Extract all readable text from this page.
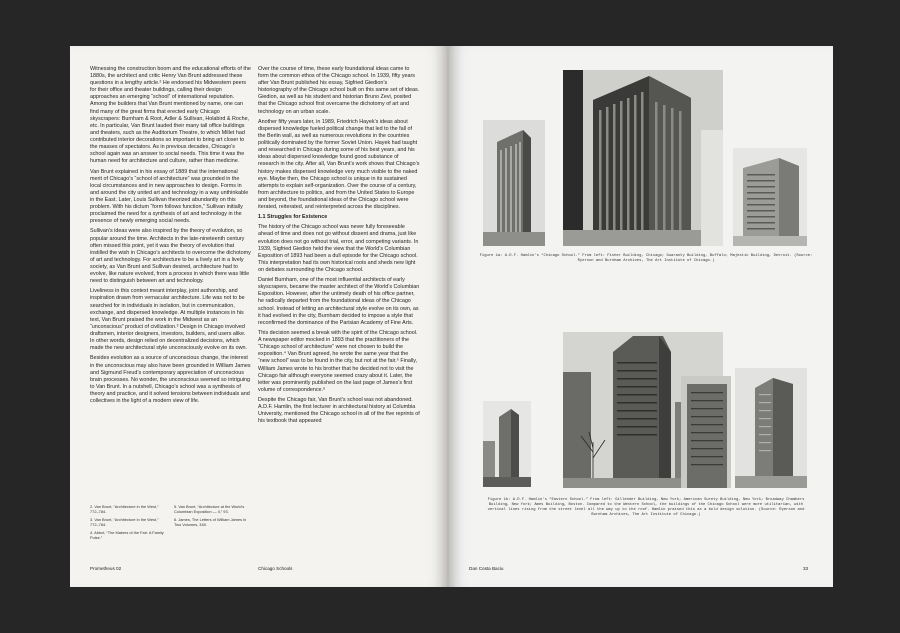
Witnessing the construction boom and the educational efforts of the 1880s, the architect and critic Henry Van Brunt addressed these questions in a lengthy article.² He endorsed his Midwestern peers for their office and theater buildings, calling their design approaches an emerging “school” of international reputation. Among the builders that Van Brunt mentioned by name, one can find many of the great firms that erected early Chicago skyscrapers: Burnham & Root, Adler & Sullivan, Holabird & Roche, etc. In particular, Van Brunt lauded their many tall office buildings and theaters, such as the Auditorium Theatre, to which Millet had contributed interior decorations so important to bring art closer to the masses of spectators. As in previous decades, Chicago’s school again was an answer to social needs. This time it was the human need for architecture and culture, rather than medicine.

Van Brunt explained in his essay of 1889 that the international merit of Chicago’s “school of architecture” was grounded in the local circumstances and in new approaches to design. Forms in and around the city united art and technology in a way unthinkable in the East. Later, Louis Sullivan theorized abundantly on this problem. With his dictum “form follows function,” Sullivan initially proclaimed the need for a synthesis of art and technology in the presence of newly emerging social needs.

Sullivan’s ideas were also inspired by the theory of evolution, so popular around the time. Architects in the late-nineteenth century often missed this point, yet it was the theory of evolution that instilled the wish in Chicago’s architects to overcome the dichotomy of art and technology. For architecture to be a lively art in a lively society, as Van Brunt and Sullivan desired, architecture had to evolve, like nature evolved, from a process in which there was little need to distinguish between art and technology.

Liveliness in this context meant interplay, joint authorship, and inspiration drawn from vernacular architecture. Life was not to be searched for in individuals in isolation, but in communication, exchange, and dispersed knowledge. At multiple instances in his text, Van Brunt praised the work in the Midwest as an “unconscious” product of civilization.³ Design in Chicago involved draftsmen, interior designers, investors, builders, and users alike. In other words, design relied on decentralized decisions, which made the new architectural style unconsciously evolve on its own.

Besides evolution as a source of unconscious change, the interest in the unconscious may also have been grounded in William James and Sigmund Freud’s contemporary appreciation of unconscious brain processes. No wonder, the unconscious seemed so intriguing to Van Brunt. In a nutshell, Chicago’s school was a synthesis of theory and practice, and it solved tensions between individuals and collectives in the light of a modern view of life.

Over the course of time, these early foundational ideas came to form the common ethos of the Chicago school. In 1939, fifty years after Van Brunt published his essay, Sigfried Giedion’s historiography of the Chicago school built on this same set of ideas. Giedion, as well as his student and historian Bruno Zevi, posited that the Chicago school first overcame the dichotomy of art and technology on an urban scale.

Another fifty years later, in 1989, Friedrich Hayek’s ideas about dispersed knowledge fueled political change that led to the fall of the Berlin wall, as well as numerous revolutions in the countries politically dominated by the former Soviet Union. Hayek had taught and researched in Chicago during some of his best years, and his ideas about dispersed knowledge found good substance of research in the city. After all, Van Brunt’s work shows that Chicago’s history makes dispersed knowledge very much visible to the naked eye. Maybe then, the Chicago school is unique in its sustained attempts to explain self-organization. Over the course of a century, from architecture to politics, and from the United States to Europe and beyond, the foundational ideas of the Chicago school were iterated, reiterated, and reinterpreted across the disciplines.

1.1 Struggles for Existence

The history of the Chicago school was never fully foreseeable ahead of time and does not go without dissent and drama, just like evolution does not go without trial, error, and competing variants. In 1939, Sigfried Giedion held the view that the World’s Columbian Exposition of 1893 had been a dull episode for the Chicago school. This interpretation had its own historical roots and sheds new light on debates surrounding the Chicago school.

Daniel Burnham, one of the most influential architects of early skyscrapers, became the master architect of the World’s Columbian Exposition. However, after the untimely death of his office partner, he radically departed from the foundational ideas of the Chicago school. Instead of letting an architectural style evolve on its own, as it had evolved in the city, Burnham decided to impose a style that reconfirmed the dominance of the Parisian Academy of Fine Arts.

This decision seemed a break with the spirit of the Chicago school. A newspaper editor mocked in 1893 that the practitioners of the “Chicago school of architecture” were not chosen to build the exposition.⁴ Van Brunt agreed, he wrote the same year that the “new school” was to be found in the city, but not at the fair.⁵ Finally, William James wrote to his brother that he decided not to visit the Chicago fair although everyone seemed crazy about it. Later, the letter was prominently published on the last page of James’s first volume of correspondence.⁶

Despite the Chicago fair, Van Brunt’s school was not abandoned. A.D.F. Hamlin, the first lecturer in architectural history at Columbia University, mentioned the Chicago school in all of the five reprints of his textbook that appeared

2. Van Brunt, “Architecture in the West,” 772–784.

3. Van Brunt, “Architecture in the West,” 772–784.

4. Abbot, “The Makers of the Fair: A Family Pulse.”

5. Van Brunt, “Architecture at the World’s Columbian Exposition — II,” 93.

6. James, The Letters of William James in Two Volumes, 345.

Prometheus 02	Chicago Schools
Figure 1a: A.D.F. Hamlin’s “Chicago School.” From left: Fisher Building, Chicago; Guaranty Building, Buffalo; Majestic Building, Detroit. (Source: Ryerson and Burnham Archives, The Art Institute of Chicago.)
Figure 1b: A.D.F. Hamlin’s “Eastern School.” From left: Gillender Building, New York; American Surety Building, New York; Broadway Chambers Building, New York; Ames Building, Boston. Compared to the Western School, the buildings of the Chicago School were more utilitarian, with vertical lines rising from the street level all the way up to the roof. Hamlin praised this as a bold design solution. (Source: Ryerson and Burnham Archives, The Art Institute of Chicago.)
Dan Costa Baciu	33
